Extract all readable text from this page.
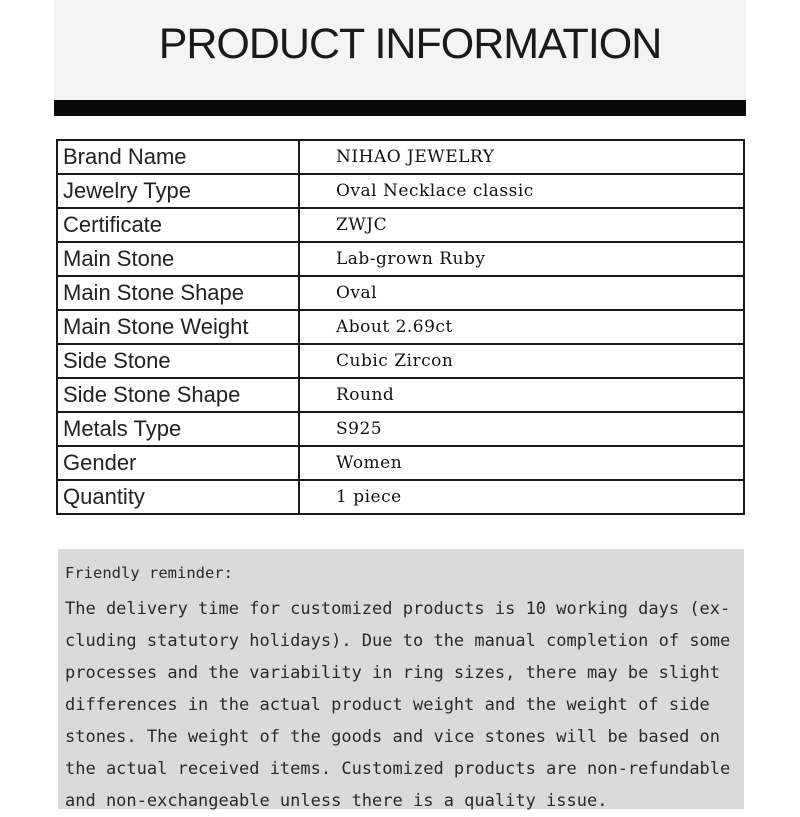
PRODUCT INFORMATION
Brand Name	NIHAO JEWELRY
Jewelry Type	Oval Necklace classic
Certificate	ZWJC
Main Stone	Lab-grown Ruby
Main Stone Shape	Oval
Main Stone Weight	About 2.69ct
Side Stone	Cubic Zircon
Side Stone Shape	Round
Metals Type	S925
Gender	Women
Quantity	1 piece
Friendly reminder:
The delivery time for customized products is 10 working days (ex-
cluding statutory holidays). Due to the manual completion of some
processes and the variability in ring sizes, there may be slight
differences in the actual product weight and the weight of side
stones. The weight of the goods and vice stones will be based on
the actual received items. Customized products are non-refundable
and non-exchangeable unless there is a quality issue.
